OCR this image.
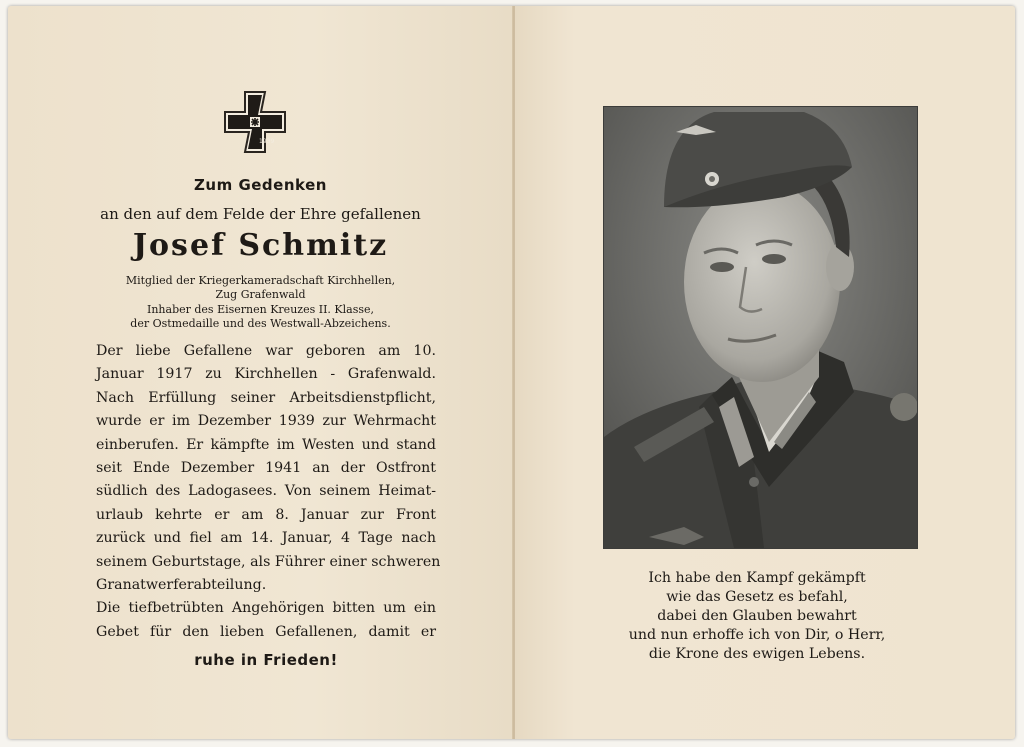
1939
Zum Gedenken
an den auf dem Felde der Ehre gefallenen
Josef Schmitz
Mitglied der Kriegerkameradschaft Kirchhellen,
Zug Grafenwald
Inhaber des Eisernen Kreuzes II. Klasse,
der Ostmedaille und des Westwall-Abzeichens.
Der liebe Gefallene war geboren am 10.
Januar 1917 zu Kirchhellen - Grafenwald.
Nach Erfüllung seiner Arbeitsdienstpflicht,
wurde er im Dezember 1939 zur Wehrmacht
einberufen. Er kämpfte im Westen und stand
seit Ende Dezember 1941 an der Ostfront
südlich des Ladogasees. Von seinem Heimat-
urlaub kehrte er am 8. Januar zur Front
zurück und fiel am 14. Januar, 4 Tage nach
seinem Geburtstage, als Führer einer schweren
Granatwerferabteilung.
Die tiefbetrübten Angehörigen bitten um ein
Gebet für den lieben Gefallenen, damit er
ruhe in Frieden!
Ich habe den Kampf gekämpft
wie das Gesetz es befahl,
dabei den Glauben bewahrt
und nun erhoffe ich von Dir, o Herr,
die Krone des ewigen Lebens.
